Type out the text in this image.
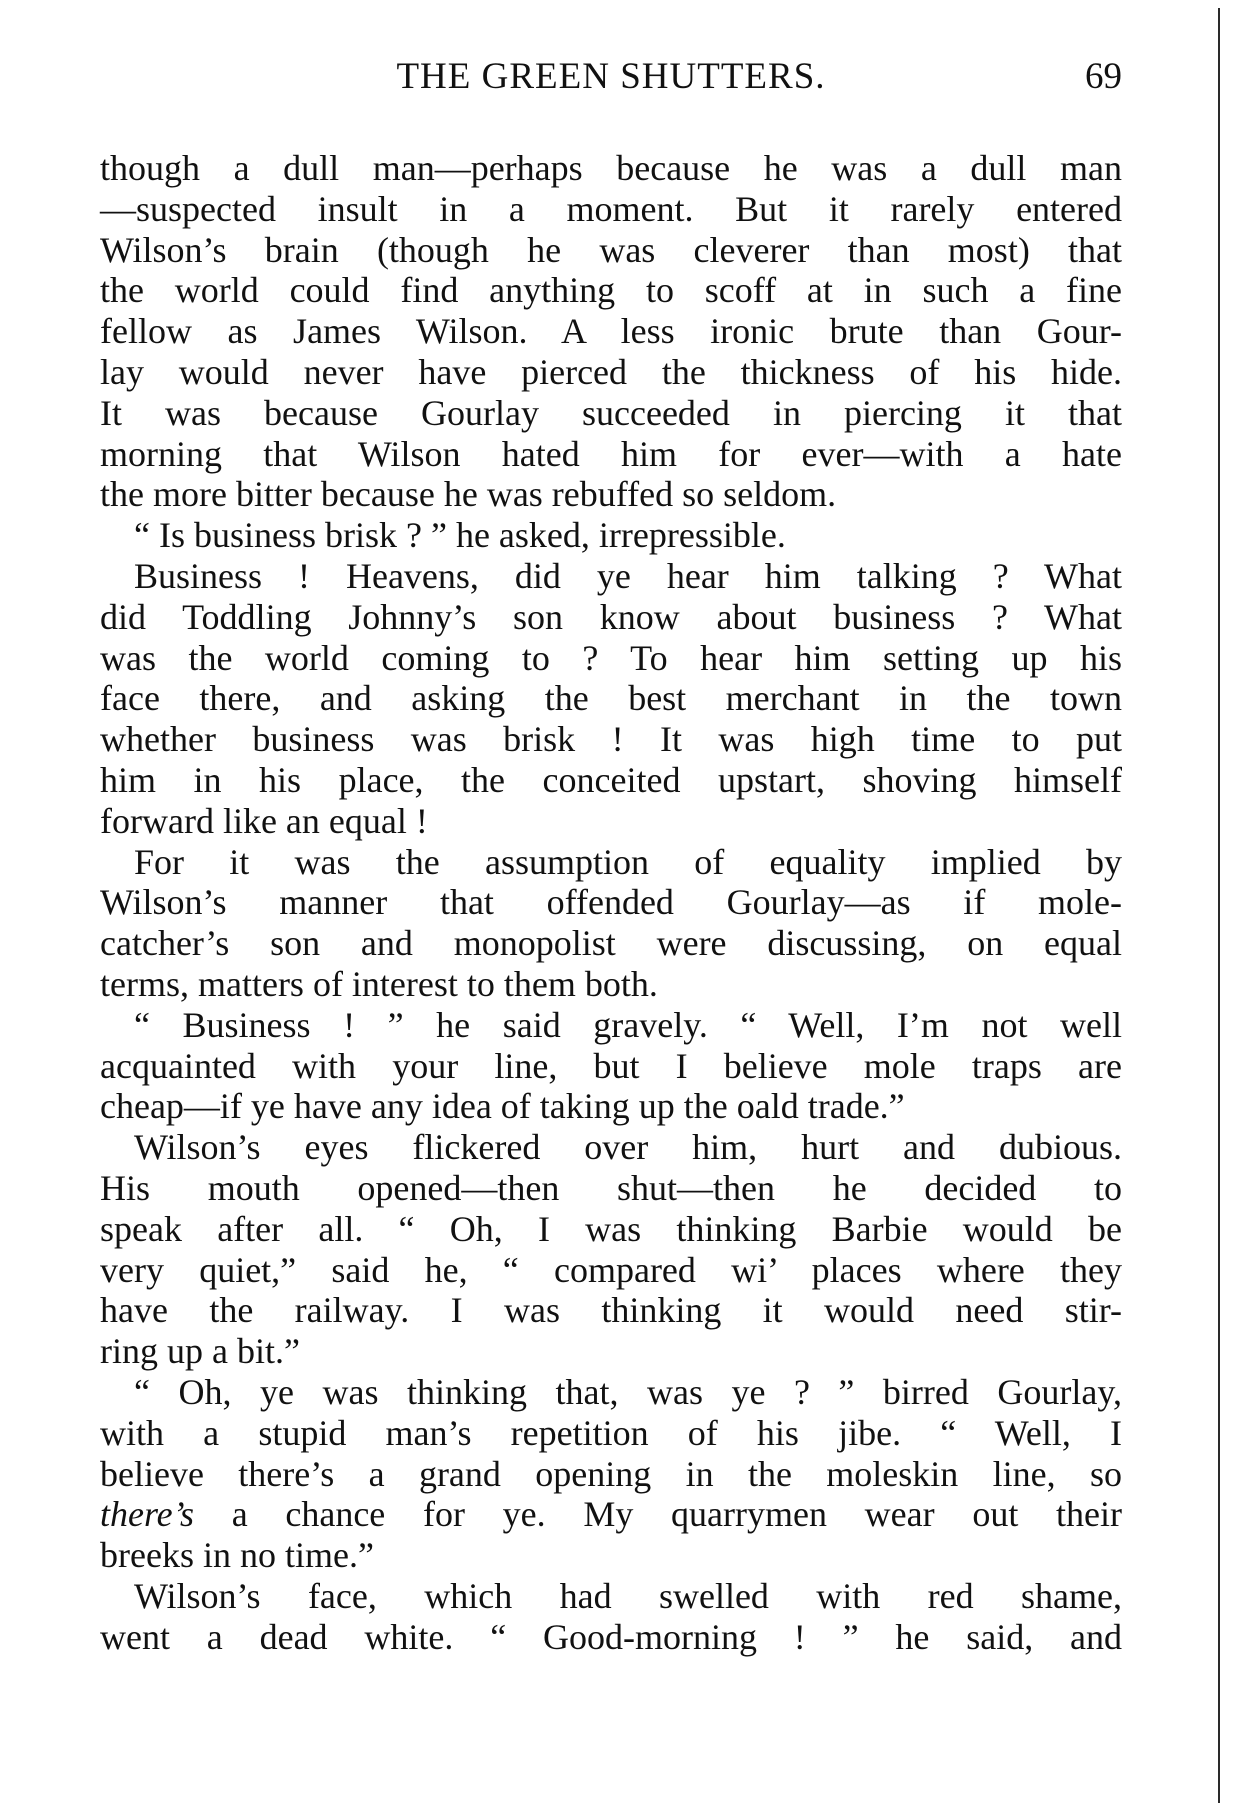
THE GREEN SHUTTERS.	69
though a dull man—perhaps because he was a dull man
—suspected insult in a moment. But it rarely entered
Wilson’s brain (though he was cleverer than most) that
the world could find anything to scoff at in such a fine
fellow as James Wilson. A less ironic brute than Gour-
lay would never have pierced the thickness of his hide.
It was because Gourlay succeeded in piercing it that
morning that Wilson hated him for ever—with a hate
the more bitter because he was rebuffed so seldom.
“ Is business brisk ? ” he asked, irrepressible.
Business ! Heavens, did ye hear him talking ? What
did Toddling Johnny’s son know about business ? What
was the world coming to ? To hear him setting up his
face there, and asking the best merchant in the town
whether business was brisk ! It was high time to put
him in his place, the conceited upstart, shoving himself
forward like an equal !
For it was the assumption of equality implied by
Wilson’s manner that offended Gourlay—as if mole-
catcher’s son and monopolist were discussing, on equal
terms, matters of interest to them both.
“ Business ! ” he said gravely. “ Well, I’m not well
acquainted with your line, but I believe mole traps are
cheap—if ye have any idea of taking up the oald trade.”
Wilson’s eyes flickered over him, hurt and dubious.
His mouth opened—then shut—then he decided to
speak after all. “ Oh, I was thinking Barbie would be
very quiet,” said he, “ compared wi’ places where they
have the railway. I was thinking it would need stir-
ring up a bit.”
“ Oh, ye was thinking that, was ye ? ” birred Gourlay,
with a stupid man’s repetition of his jibe. “ Well, I
believe there’s a grand opening in the moleskin line, so
there’s a chance for ye. My quarrymen wear out their
breeks in no time.”
Wilson’s face, which had swelled with red shame,
went a dead white. “ Good-morning ! ” he said, and
